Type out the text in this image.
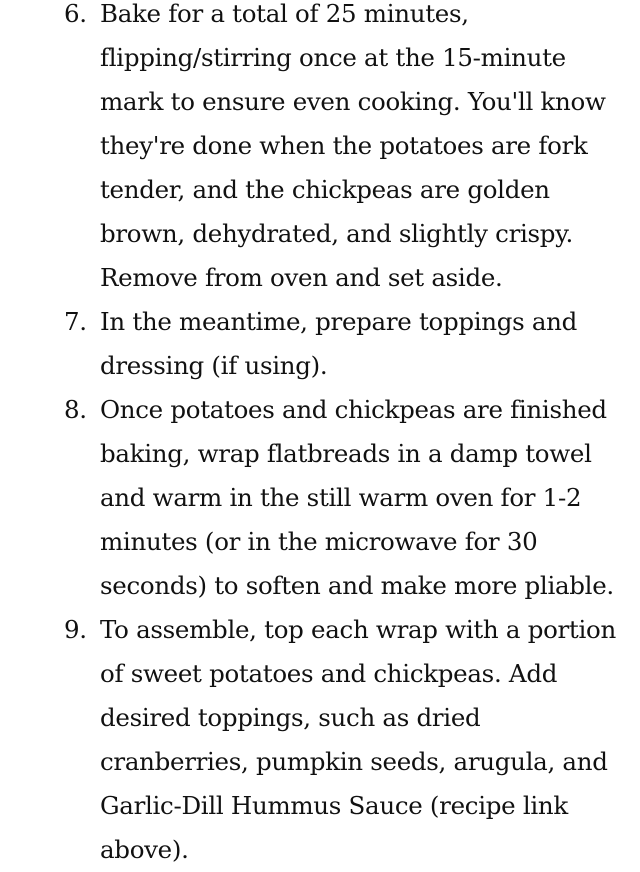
6. Bake for a total of 25 minutes, flipping/stirring once at the 15-minute mark to ensure even cooking. You'll know they're done when the potatoes are fork tender, and the chickpeas are golden brown, dehydrated, and slightly crispy. Remove from oven and set aside.
7. In the meantime, prepare toppings and dressing (if using).
8. Once potatoes and chickpeas are finished baking, wrap flatbreads in a damp towel and warm in the still warm oven for 1-2 minutes (or in the microwave for 30 seconds) to soften and make more pliable.
9. To assemble, top each wrap with a portion of sweet potatoes and chickpeas. Add desired toppings, such as dried cranberries, pumpkin seeds, arugula, and Garlic-Dill Hummus Sauce (recipe link above).
